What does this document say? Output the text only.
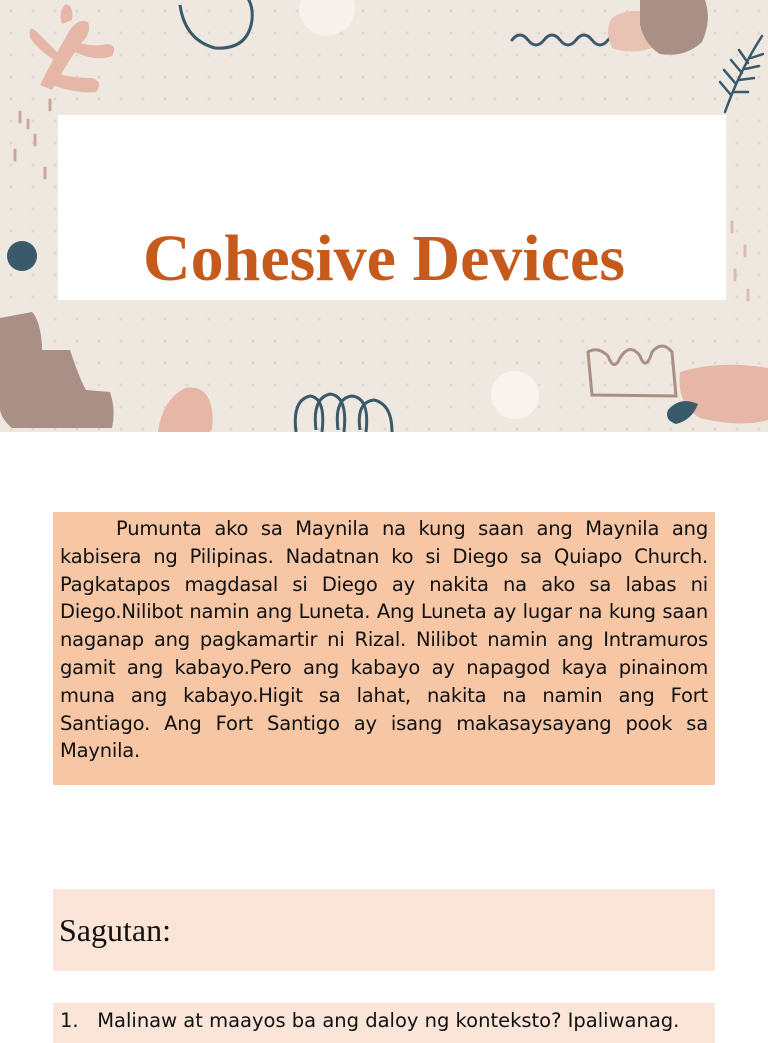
Cohesive Devices

Pumunta ako sa Maynila na kung saan ang Maynila ang kabisera ng Pilipinas. Nadatnan ko si Diego sa Quiapo Church. Pagkatapos magdasal si Diego ay nakita na ako sa labas ni Diego.Nilibot namin ang Luneta. Ang Luneta ay lugar na kung saan naganap ang pagkamartir ni Rizal. Nilibot namin ang Intramuros gamit ang kabayo.Pero ang kabayo ay napagod kaya pinainom muna ang kabayo.Higit sa lahat, nakita na namin ang Fort Santiago. Ang Fort Santigo ay isang makasaysayang pook sa Maynila.

Sagutan:

1. Malinaw at maayos ba ang daloy ng konteksto? Ipaliwanag.
